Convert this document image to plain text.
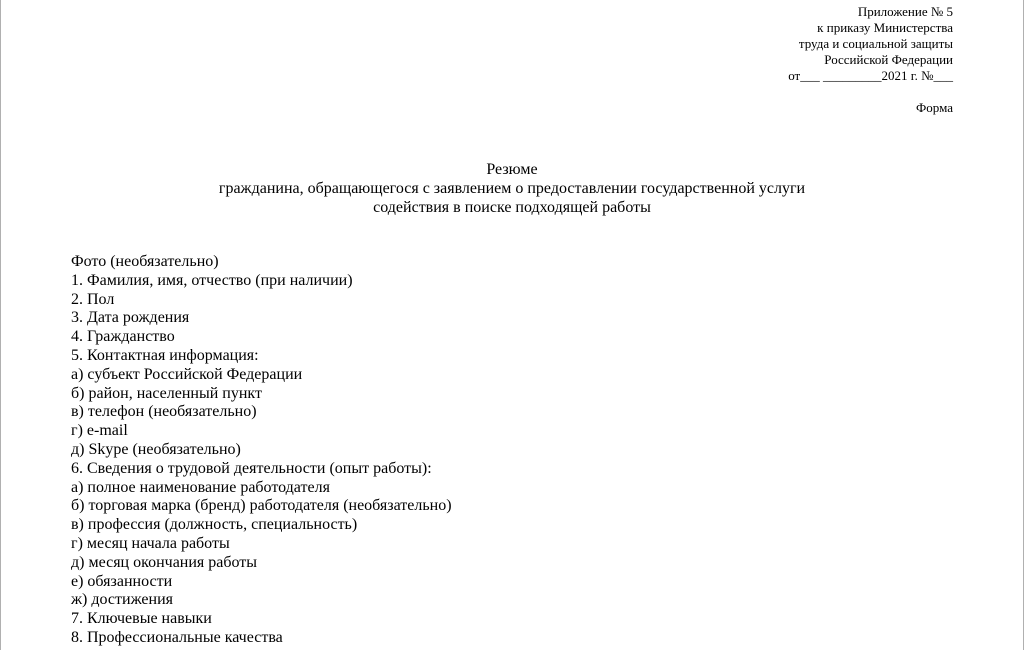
Приложение № 5
к приказу Министерства
труда и социальной защиты
Российской Федерации
от___ _________2021 г. №___
Форма
Резюме
гражданина, обращающегося с заявлением о предоставлении государственной услуги
содействия в поиске подходящей работы
Фото (необязательно)
1. Фамилия, имя, отчество (при наличии)
2. Пол
3. Дата рождения
4. Гражданство
5. Контактная информация:
а) субъект Российской Федерации
б) район, населенный пункт
в) телефон (необязательно)
г) e-mail
д) Skype (необязательно)
6. Сведения о трудовой деятельности (опыт работы):
а) полное наименование работодателя
б) торговая марка (бренд) работодателя (необязательно)
в) профессия (должность, специальность)
г) месяц начала работы
д) месяц окончания работы
е) обязанности
ж) достижения
7. Ключевые навыки
8. Профессиональные качества
